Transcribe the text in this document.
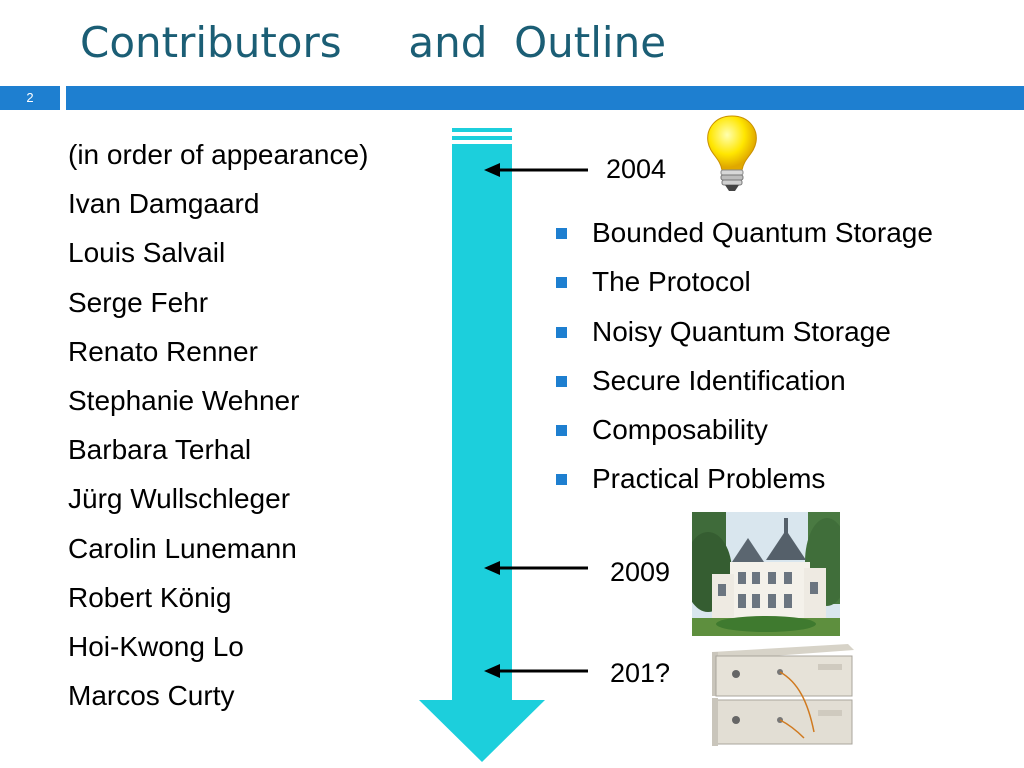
Contributors     and  Outline
2
(in order of appearance)
Ivan Damgaard
Louis Salvail
Serge Fehr
Renato Renner
Stephanie Wehner
Barbara Terhal
Jürg Wullschleger
Carolin Lunemann
Robert König
Hoi-Kwong Lo
Marcos Curty
2004
2009
201?
Bounded Quantum Storage
The Protocol
Noisy Quantum Storage
Secure Identification
Composability
Practical Problems
